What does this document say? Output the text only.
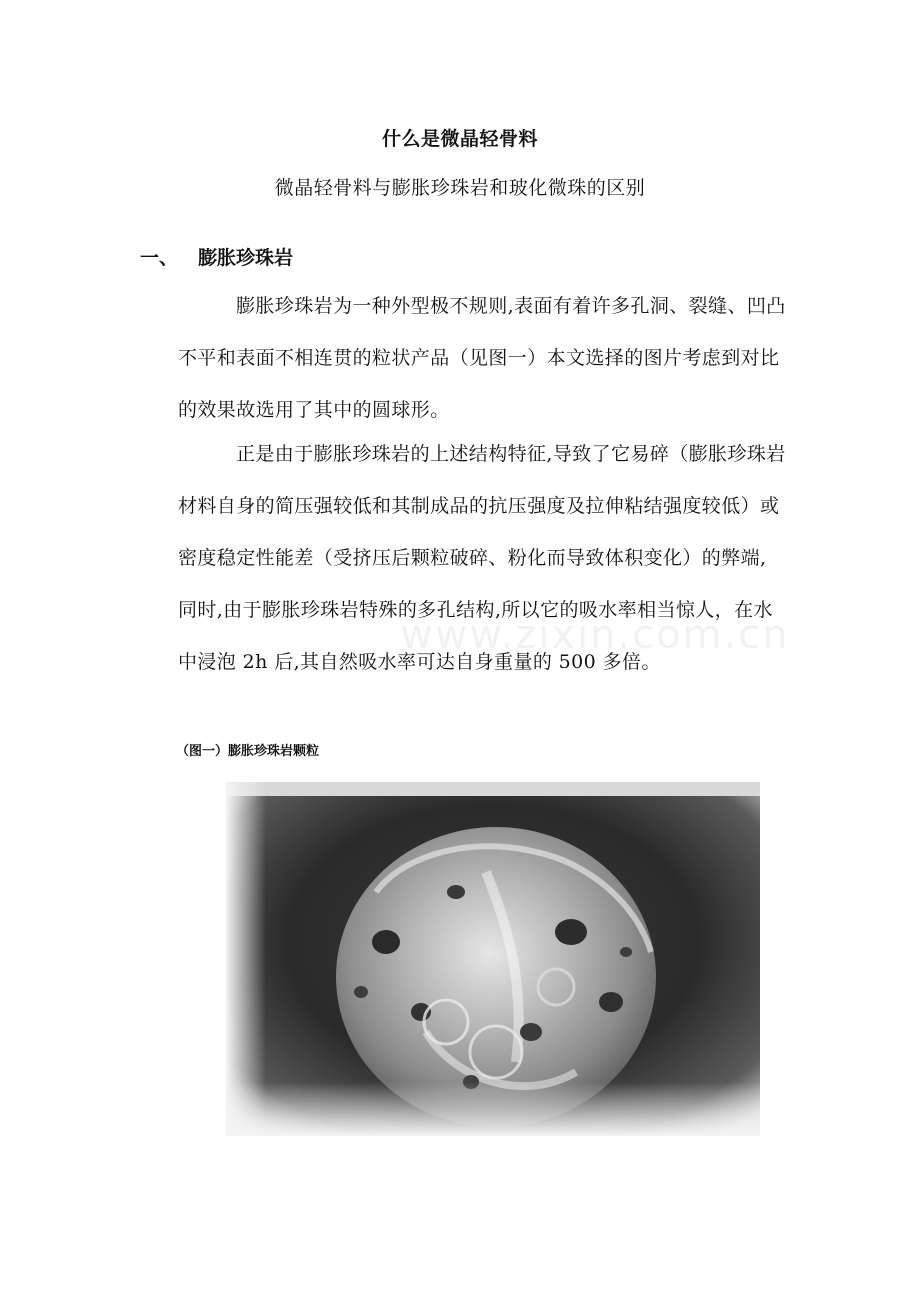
什么是微晶轻骨料
微晶轻骨料与膨胀珍珠岩和玻化微珠的区别
一、	膨胀珍珠岩

膨胀珍珠岩为一种外型极不规则,表面有着许多孔洞、裂缝、凹凸不平和表面不相连贯的粒状产品（见图一）本文选择的图片考虑到对比的效果故选用了其中的圆球形。

正是由于膨胀珍珠岩的上述结构特征,导致了它易碎（膨胀珍珠岩材料自身的简压强较低和其制成品的抗压强度及拉伸粘结强度较低）或密度稳定性能差（受挤压后颗粒破碎、粉化而导致体积变化）的弊端, 同时,由于膨胀珍珠岩特殊的多孔结构,所以它的吸水率相当惊人，在水中浸泡 2h 后,其自然吸水率可达自身重量的 500 多倍。

www.zixin.com.cn
（图一）膨胀珍珠岩颗粒
